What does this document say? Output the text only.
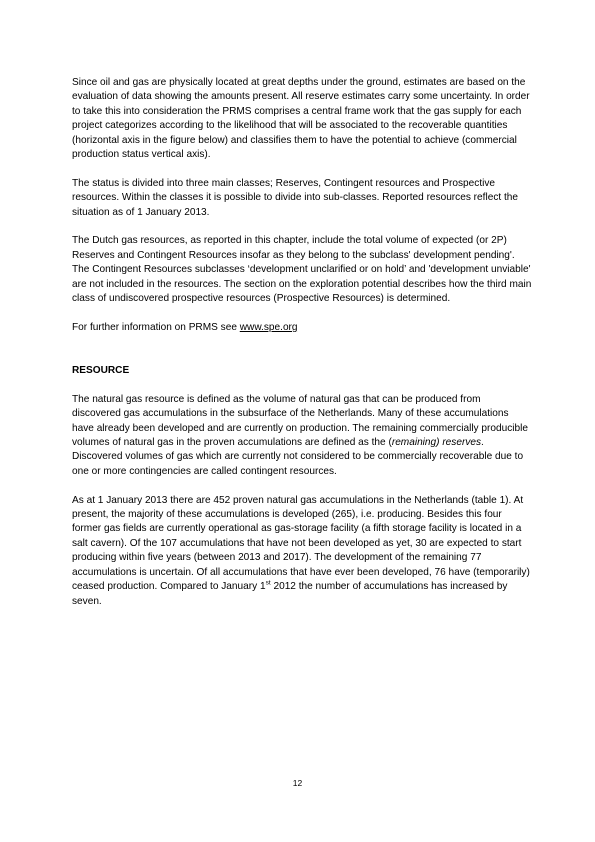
Since oil and gas are physically located at great depths under the ground, estimates are based on the evaluation of data showing the amounts present. All reserve estimates carry some uncertainty. In order to take this into consideration the PRMS comprises a central frame work that the gas supply for each project categorizes according to the likelihood that will be associated to the recoverable quantities (horizontal axis in the figure below) and classifies them to have the potential to achieve (commercial production status vertical axis).

The status is divided into three main classes; Reserves, Contingent resources and Prospective resources. Within the classes it is possible to divide into sub-classes. Reported resources reflect the situation as of 1 January 2013.

The Dutch gas resources, as reported in this chapter, include the total volume of expected (or 2P) Reserves and Contingent Resources insofar as they belong to the subclass' development pending'. The Contingent Resources subclasses ‘development unclarified or on hold’ and 'development unviable' are not included in the resources. The section on the exploration potential describes how the third main class of undiscovered prospective resources (Prospective Resources) is determined.

For further information on PRMS see www.spe.org

RESOURCE

The natural gas resource is defined as the volume of natural gas that can be produced from discovered gas accumulations in the subsurface of the Netherlands. Many of these accumulations have already been developed and are currently on production. The remaining commercially producible volumes of natural gas in the proven accumulations are defined as the (remaining) reserves. Discovered volumes of gas which are currently not considered to be commercially recoverable due to one or more contingencies are called contingent resources.

As at 1 January 2013 there are 452 proven natural gas accumulations in the Netherlands (table 1). At present, the majority of these accumulations is developed (265), i.e. producing. Besides this four former gas fields are currently operational as gas-storage facility (a fifth storage facility is located in a salt cavern). Of the 107 accumulations that have not been developed as yet, 30 are expected to start producing within five years (between 2013 and 2017). The development of the remaining 77 accumulations is uncertain. Of all accumulations that have ever been developed, 76 have (temporarily) ceased production. Compared to January 1st 2012 the number of accumulations has increased by seven.

12
